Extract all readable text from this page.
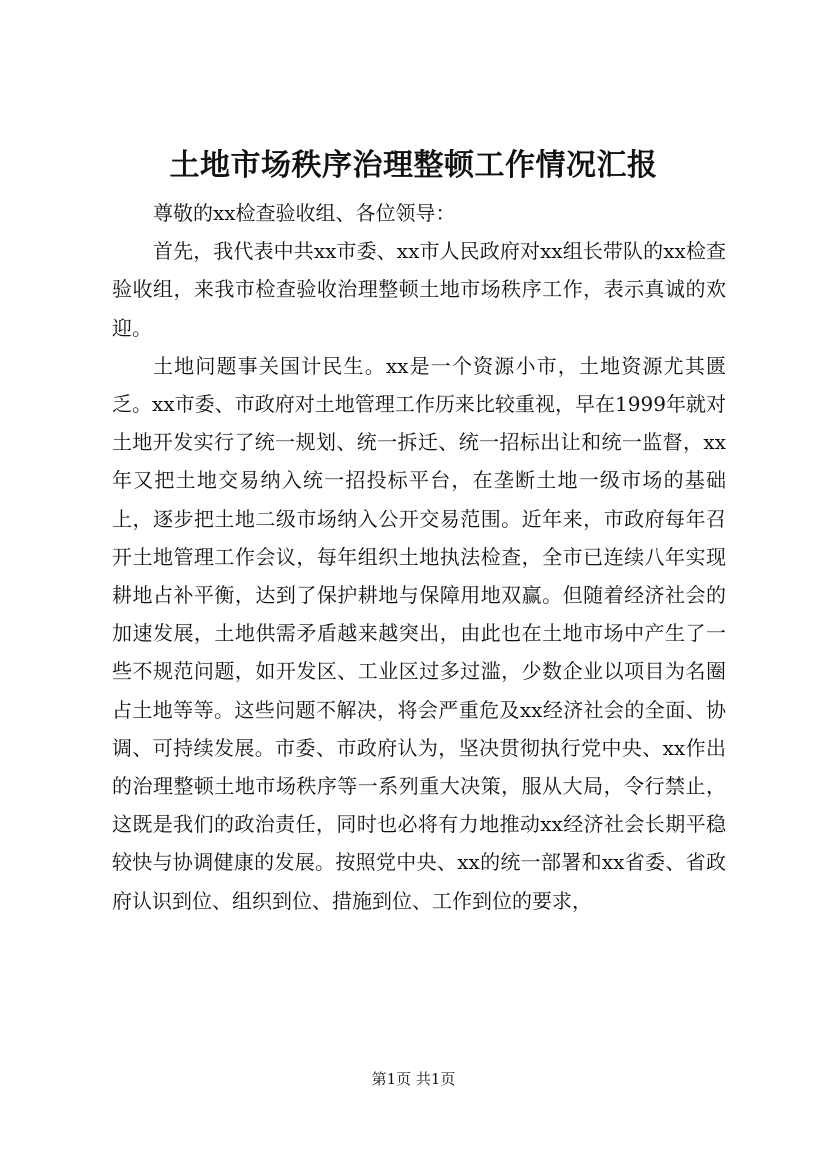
土地市场秩序治理整顿工作情况汇报

尊敬的xx检查验收组、各位领导：

首先，我代表中共xx市委、xx市人民政府对xx组长带队的xx检查验收组，来我市检查验收治理整顿土地市场秩序工作，表示真诚的欢迎。

土地问题事关国计民生。xx是一个资源小市，土地资源尤其匮乏。xx市委、市政府对土地管理工作历来比较重视，早在1999年就对土地开发实行了统一规划、统一拆迁、统一招标出让和统一监督，xx年又把土地交易纳入统一招投标平台，在垄断土地一级市场的基础上，逐步把土地二级市场纳入公开交易范围。近年来，市政府每年召开土地管理工作会议，每年组织土地执法检查，全市已连续八年实现耕地占补平衡，达到了保护耕地与保障用地双赢。但随着经济社会的加速发展，土地供需矛盾越来越突出，由此也在土地市场中产生了一些不规范问题，如开发区、工业区过多过滥，少数企业以项目为名圈占土地等等。这些问题不解决，将会严重危及xx经济社会的全面、协调、可持续发展。市委、市政府认为，坚决贯彻执行党中央、xx作出的治理整顿土地市场秩序等一系列重大决策，服从大局，令行禁止，这既是我们的政治责任，同时也必将有力地推动xx经济社会长期平稳较快与协调健康的发展。按照党中央、xx的统一部署和xx省委、省政府认识到位、组织到位、措施到位、工作到位的要求，

第1页 共1页
